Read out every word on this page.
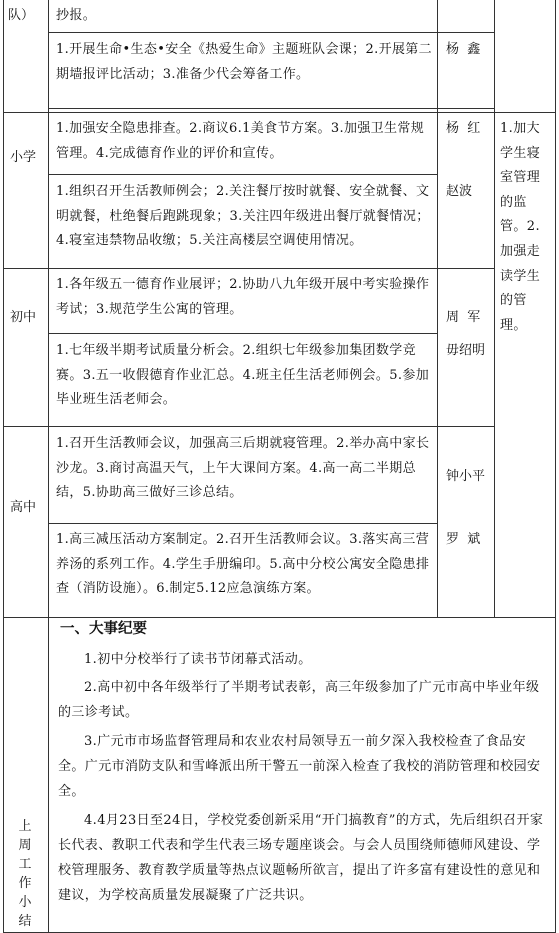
队） 抄报。

1.开展生命•生态•安全《热爱生命》主题班队会课；2.开展第二期墙报评比活动；3.准备少代会筹备工作。

杨  鑫
小学

1.加强安全隐患排查。2.商议6.1美食节方案。3.加强卫生常规管理。4.完成德育作业的评价和宣传。

杨  红

1.组织召开生活教师例会；2.关注餐厅按时就餐、安全就餐、文明就餐，杜绝餐后跑跳现象；3.关注四年级进出餐厅就餐情况；4.寝室违禁物品收缴；5.关注高楼层空调使用情况。

赵波
初中

1.各年级五一德育作业展评；2.协助八九年级开展中考实验操作考试；3.规范学生公寓的管理。

周  军

1.七年级半期考试质量分析会。2.组织七年级参加集团数学竞赛。3.五一收假德育作业汇总。4.班主任生活老师例会。5.参加毕业班生活老师会。

毋绍明
高中

1.召开生活教师会议，加强高三后期就寝管理。2.举办高中家长沙龙。3.商讨高温天气，上午大课间方案。4.高一高二半期总结，5.协助高三做好三诊总结。

钟小平

1.高三减压活动方案制定。2.召开生活教师会议。3.落实高三营养汤的系列工作。4.学生手册编印。5.高中分校公寓安全隐患排查（消防设施）。6.制定5.12应急演练方案。

罗  斌

1.加大学生寝室管理的监管。2.加强走读学生的管理。

上周工作小结
一、大事纪要

1.初中分校举行了读书节闭幕式活动。

2.高中初中各年级举行了半期考试表彰，高三年级参加了广元市高中毕业年级的三诊考试。

3.广元市市场监督管理局和农业农村局领导五一前夕深入我校检查了食品安全。广元市消防支队和雪峰派出所干警五一前深入检查了我校的消防管理和校园安全。

4.4月23日至24日，学校党委创新采用“开门搞教育”的方式，先后组织召开家长代表、教职工代表和学生代表三场专题座谈会。与会人员围绕师德师风建设、学校管理服务、教育教学质量等热点议题畅所欲言，提出了许多富有建设性的意见和建议，为学校高质量发展凝聚了广泛共识。
